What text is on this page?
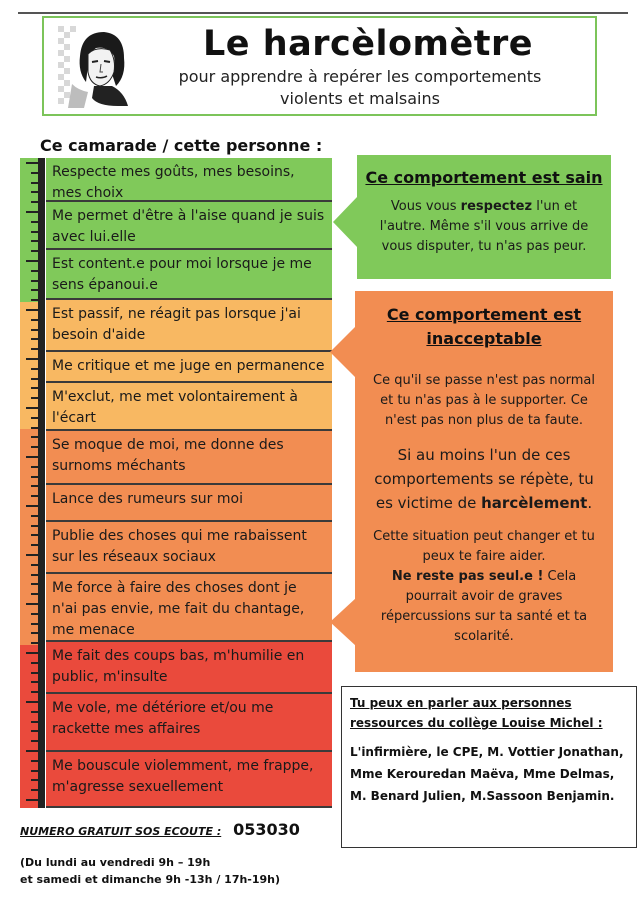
Le harcèlomètre
pour apprendre à repérer les comportements
violents et malsains
Ce camarade / cette personne :
Respecte mes goûts, mes besoins, mes choix
Me permet d'être à l'aise quand je suis avec lui.elle
Est content.e pour moi lorsque je me sens épanoui.e
Est passif, ne réagit pas lorsque j'ai besoin d'aide
Me critique et me juge en permanence
M'exclut, me met volontairement à l'écart
Se moque de moi, me donne des surnoms méchants
Lance des rumeurs sur moi
Publie des choses qui me rabaissent sur les réseaux sociaux
Me force à faire des choses dont je n'ai pas envie, me fait du chantage, me menace
Me fait des coups bas, m'humilie en public, m'insulte
Me vole, me détériore et/ou me rackette mes affaires
Me bouscule violemment, me frappe, m'agresse sexuellement
Ce comportement est sain
Vous vous respectez l'un et l'autre. Même s'il vous arrive de vous disputer, tu n'as pas peur.
Ce comportement est
inacceptable
Ce qu'il se passe n'est pas normal et tu n'as pas à le supporter. Ce n'est pas non plus de ta faute.
Si au moins l'un de ces comportements se répète, tu es victime de harcèlement.
Cette situation peut changer et tu peux te faire aider.
Ne reste pas seul.e ! Cela pourrait avoir de graves répercussions sur ta santé et ta scolarité.
Tu peux en parler aux personnes ressources du collège Louise Michel :
L'infirmière, le CPE, M. Vottier Jonathan, Mme Kerouredan Maëva, Mme Delmas, M. Benard Julien, M.Sassoon Benjamin.
NUMERO GRATUIT SOS ECOUTE : 053030
(Du lundi au vendredi 9h – 19h
et samedi et dimanche 9h -13h / 17h-19h)
